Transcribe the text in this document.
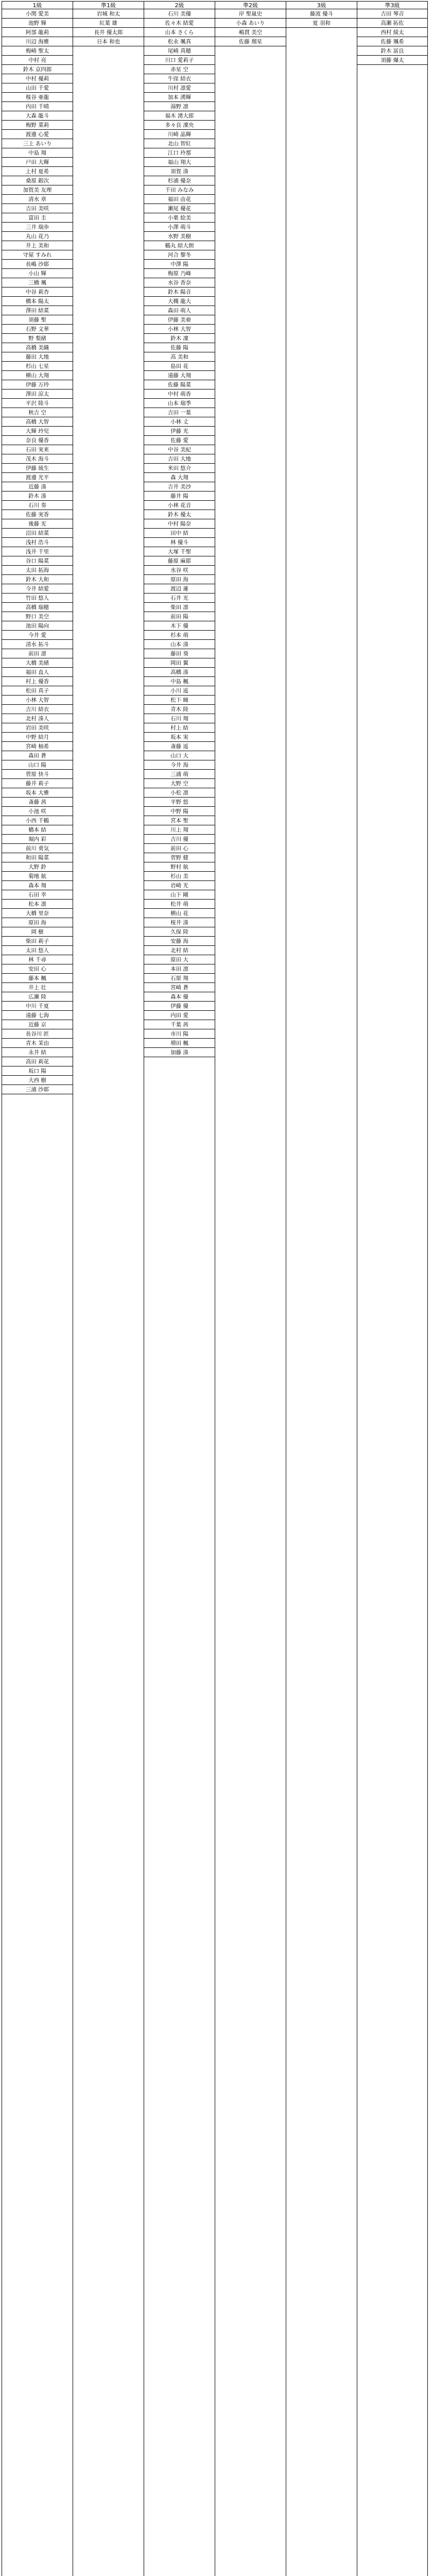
1級
小関 愛美
池野 輝
阿部 龍莉
川辺 海雅
梅崎 聖太
中村 亮
鈴木 京四郎
中村 優莉
山田 千愛
桜谷 亜龍
内田 千晴
大森 龍斗
梅野 菜莉
渡邊 心愛
三上 あいり
中島 翔
戸田 大輝
上村 夏希
桑原 銀次
加賀美 友理
清水 章
吉田 美咲
富田 圭
三井 瑞歩
丸山 花乃
井上 美和
守屋 すみれ
長嶋 沙耶
小山 輝
三橋 颯
中谷 莉杏
橋本 陽太
澤田 結菜
須藤 聖
石野 文華
野 梨緒
高橋 美織
藤田 大地
杉山 七星
横山 大翔
伊藤 万玲
澤田 涼太
平沢 陸斗
秋吉 空
高橋 大智
大輝 玲児
奈良 優香
石田 実来
茂木 海斗
伊藤 琉生
渡邊 光平
近藤 湊
鈴木 湊
石川 奏
佐藤 実香
後藤 光
沼田 結菜
浅村 浩斗
浅井 千里
谷口 陽菜
太田 拓海
鈴木 大和
今井 結愛
竹田 悠人
高橋 瑞穂
野口 美空
池田 陽向
今井 愛
清水 拓斗
前田 凛
大橋 美緒
福田 直人
村上 優香
松田 真子
小林 大智
吉川 結衣
北村 湊人
岩田 美咲
中野 結月
宮崎 柚希
森田 蒼
山口 陽
菅原 快斗
藤井 莉子
坂本 大雅
斎藤 茜
小池 咲
小西 千鶴
橋本 結
堀内 彩
前川 勇気
和田 陽菜
大野 鈴
菊地 航
森本 翔
石田 幸
松本 凛
大橋 里奈
原田 海
岡 樹
柴田 莉子
太田 悠人
林 千尋
安田 心
藤本 楓
井上 壮
広瀬 陸
中川 千夏
遠藤 七海
近藤 京
長谷川 匠
青木 茉由
永井 結
高田 莉花
坂口 陽
大西 樹
三浦 沙耶
準1級
岩城 和太
紅葉 雄
長井 優太郎
日本 和也
2級
石川 美優
佐々木 結愛
山本 さくら
松永 颯真
尾崎 真穂
川口 愛莉子
赤星 空
牛窪 結衣
川村 凛愛
加本 湧輝
湯野 凛
福木 湧大郎
多々良 凜央
川崎 晶輝
北山 智紅
江口 玲那
福山 翔大
須賀 湊
杉浦 優奈
千田 みなみ
福田 由花
瀬尾 優花
小栗 絵美
小澤 萌斗
水野 美樹
鶴丸 結大朗
河合 黎冬
中澤 陽
梅原 乃峰
水谷 香奈
鈴木 陽音
大槻 龍大
森田 萌人
伊藤 美亜
小林 大智
鈴木 凜
佐藤 陽
高 美和
島田 花
遠藤 大翔
佐藤 陽菜
中村 萌香
山本 瑞季
吉田 一葉
小林 丈
伊藤 光
佐藤 愛
中谷 美紀
吉田 大地
米田 悠介
森 大翔
吉井 美沙
藤井 陽
小林 花音
鈴木 優太
中村 陽奈
田中 結
林 優斗
大塚 千聖
藤原 麻耶
水谷 咲
原田 海
渡辺 蓮
石井 光
柴田 凛
前田 陽
木下 優
杉本 萌
山本 湊
藤田 葵
岡田 翼
高橋 湊
中島 楓
小川 遥
松下 瞳
青木 陸
石川 翔
村上 結
坂本 実
斎藤 遥
山口 大
今井 海
三浦 萌
大野 空
小松 凛
平野 悠
中野 陽
宮本 聖
川上 翔
吉川 優
前田 心
菅野 健
野村 航
杉山 美
岩崎 光
山下 剛
松井 萌
横山 花
桜井 湊
久保 陸
安藤 海
北村 結
原田 大
本田 凛
石原 翔
宮崎 蒼
森本 優
伊藤 優
内田 愛
千葉 茜
市川 陽
増田 楓
加藤 湊
準2級
岸 聖嵐史
小森 あいり
嶋貫 美空
佐藤 瑠星
3級
藤波 優斗
夏 羽和
準3級
吉田 琴音
高瀬 拓佐
西村 綾太
佐藤 颯希
鈴木 冨良
須藤 爆太
